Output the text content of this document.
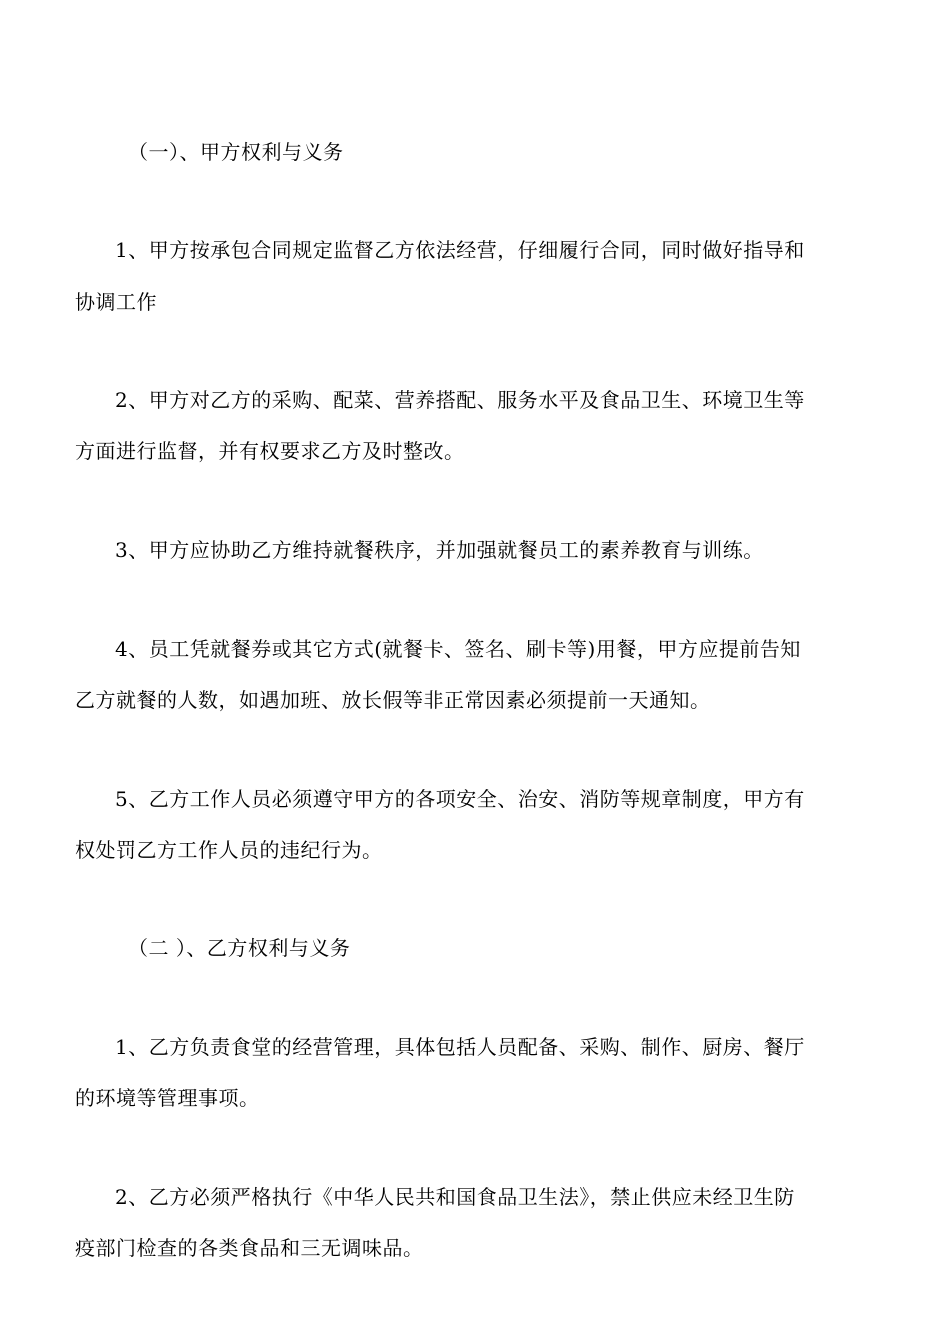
（一）、甲方权利与义务
1、甲方按承包合同规定监督乙方依法经营，仔细履行合同，同时做好指导和
协调工作
2、甲方对乙方的采购、配菜、营养搭配、服务水平及食品卫生、环境卫生等
方面进行监督，并有权要求乙方及时整改。
3、甲方应协助乙方维持就餐秩序，并加强就餐员工的素养教育与训练。
4、员工凭就餐券或其它方式(就餐卡、签名、刷卡等)用餐，甲方应提前告知
乙方就餐的人数，如遇加班、放长假等非正常因素必须提前一天通知。
5、乙方工作人员必须遵守甲方的各项安全、治安、消防等规章制度，甲方有
权处罚乙方工作人员的违纪行为。
（二 ）、乙方权利与义务
1、乙方负责食堂的经营管理，具体包括人员配备、采购、制作、厨房、餐厅
的环境等管理事项。
2、乙方必须严格执行《中华人民共和国食品卫生法》，禁止供应未经卫生防
疫部门检查的各类食品和三无调味品。
